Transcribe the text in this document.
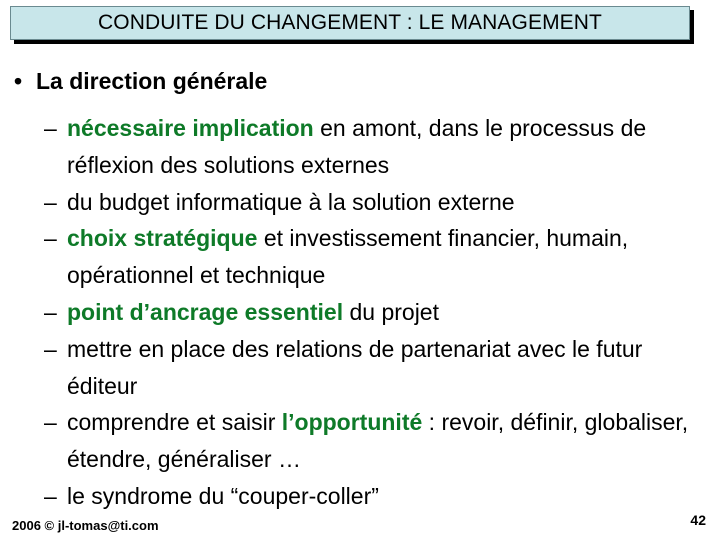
CONDUITE DU CHANGEMENT : LE MANAGEMENT
• La direction générale
– nécessaire implication en amont, dans le processus de réflexion des solutions externes
– du budget informatique à la solution externe
– choix stratégique et investissement financier, humain, opérationnel et technique
– point d’ancrage essentiel du projet
– mettre en place des relations de partenariat avec le futur éditeur
– comprendre et saisir l’opportunité : revoir, définir, globaliser, étendre, généraliser …
– le syndrome du “couper-coller”
2006 © jl-tomas@ti.com	42
